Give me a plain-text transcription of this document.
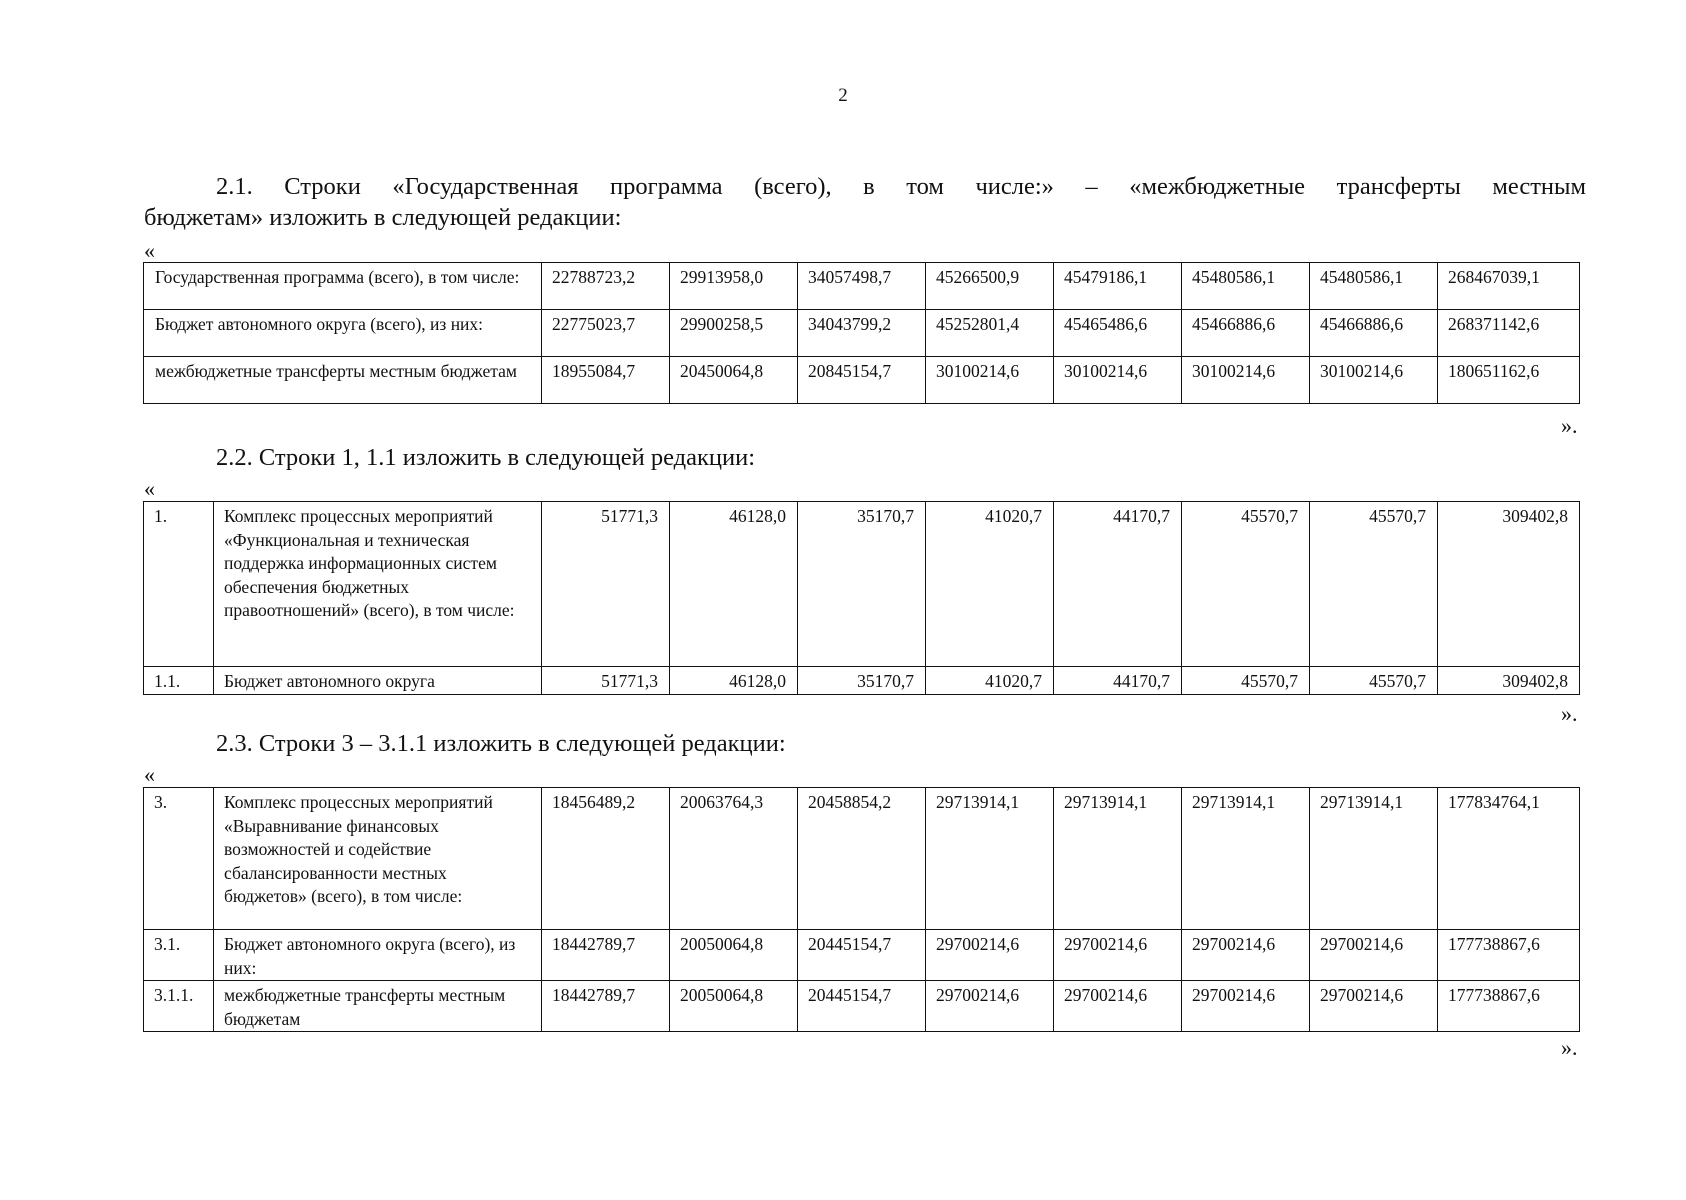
2

2.1. Строки «Государственная программа (всего), в том числе:» – «межбюджетные трансферты местным

бюджетам» изложить в следующей редакции:

«
Государственная программа (всего), в том числе:	22788723,2	29913958,0	34057498,7	45266500,9	45479186,1	45480586,1	45480586,1	268467039,1
Бюджет автономного округа (всего), из них:	22775023,7	29900258,5	34043799,2	45252801,4	45465486,6	45466886,6	45466886,6	268371142,6
межбюджетные трансферты местным бюджетам	18955084,7	20450064,8	20845154,7	30100214,6	30100214,6	30100214,6	30100214,6	180651162,6
».

2.2. Строки 1, 1.1 изложить в следующей редакции:

«
1.	Комплекс процессных мероприятий «Функциональная и техническая поддержка информационных систем обеспечения бюджетных правоотношений» (всего), в том числе:	51771,3	46128,0	35170,7	41020,7	44170,7	45570,7	45570,7	309402,8
1.1.	Бюджет автономного округа	51771,3	46128,0	35170,7	41020,7	44170,7	45570,7	45570,7	309402,8
».

2.3. Строки 3 – 3.1.1 изложить в следующей редакции:

«
3.	Комплекс процессных мероприятий «Выравнивание финансовых возможностей и содействие сбалансированности местных бюджетов» (всего), в том числе:	18456489,2	20063764,3	20458854,2	29713914,1	29713914,1	29713914,1	29713914,1	177834764,1
3.1.	Бюджет автономного округа (всего), из них:	18442789,7	20050064,8	20445154,7	29700214,6	29700214,6	29700214,6	29700214,6	177738867,6
3.1.1.	межбюджетные трансферты местным бюджетам	18442789,7	20050064,8	20445154,7	29700214,6	29700214,6	29700214,6	29700214,6	177738867,6
».
